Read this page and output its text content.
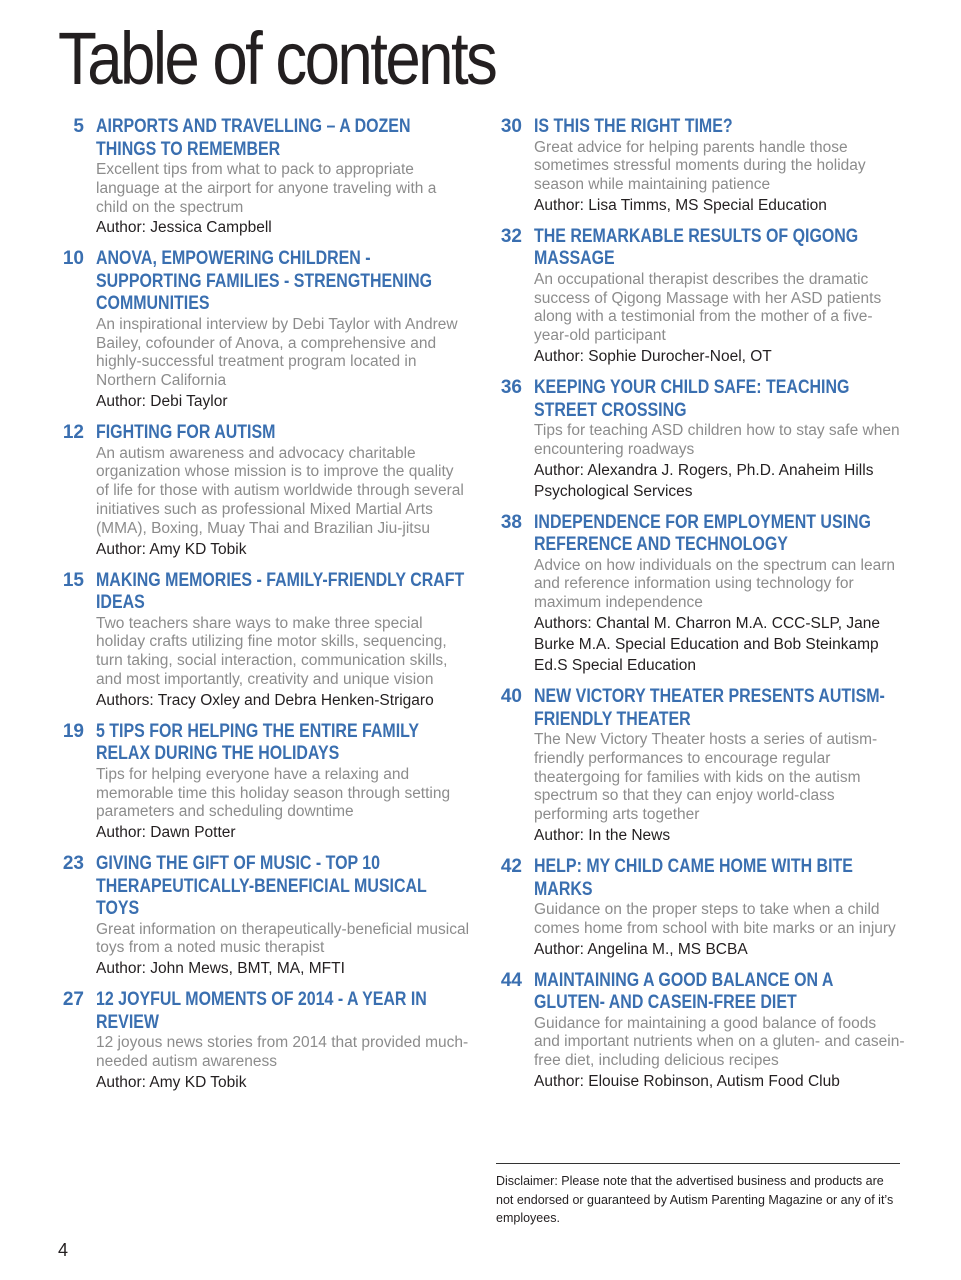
Table of contents
5 AIRPORTS AND TRAVELLING – A DOZEN THINGS TO REMEMBER
Excellent tips from what to pack to appropriate language at the airport for anyone traveling with a child on the spectrum
Author: Jessica Campbell
10 ANOVA, EMPOWERING CHILDREN - SUPPORTING FAMILIES - STRENGTHENING COMMUNITIES
An inspirational interview by Debi Taylor with Andrew Bailey, cofounder of Anova, a comprehensive and highly-successful treatment program located in Northern California
Author: Debi Taylor
12 FIGHTING FOR AUTISM
An autism awareness and advocacy charitable organization whose mission is to improve the quality of life for those with autism worldwide through several initiatives such as professional Mixed Martial Arts (MMA), Boxing, Muay Thai and Brazilian Jiu-jitsu
Author: Amy KD Tobik
15 MAKING MEMORIES - FAMILY-FRIENDLY CRAFT IDEAS
Two teachers share ways to make three special holiday crafts utilizing fine motor skills, sequencing, turn taking, social interaction, communication skills, and most importantly, creativity and unique vision
Authors: Tracy Oxley and Debra Henken-Strigaro
19 5 TIPS FOR HELPING THE ENTIRE FAMILY RELAX DURING THE HOLIDAYS
Tips for helping everyone have a relaxing and memorable time this holiday season through setting parameters and scheduling downtime
Author: Dawn Potter
23 GIVING THE GIFT OF MUSIC - TOP 10 THERAPEUTICALLY-BENEFICIAL MUSICAL TOYS
Great information on therapeutically-beneficial musical toys from a noted music therapist
Author: John Mews, BMT, MA, MFTI
27 12 JOYFUL MOMENTS OF 2014 - A YEAR IN REVIEW
12 joyous news stories from 2014 that provided much-needed autism awareness
Author: Amy KD Tobik
30 IS THIS THE RIGHT TIME?
Great advice for helping parents handle those sometimes stressful moments during the holiday season while maintaining patience
Author: Lisa Timms, MS Special Education
32 THE REMARKABLE RESULTS OF QIGONG MASSAGE
An occupational therapist describes the dramatic success of Qigong Massage with her ASD patients along with a testimonial from the mother of a five-year-old participant
Author: Sophie Durocher-Noel, OT
36 KEEPING YOUR CHILD SAFE: TEACHING STREET CROSSING
Tips for teaching ASD children how to stay safe when encountering roadways
Author: Alexandra J. Rogers, Ph.D. Anaheim Hills Psychological Services
38 INDEPENDENCE FOR EMPLOYMENT USING REFERENCE AND TECHNOLOGY
Advice on how individuals on the spectrum can learn and reference information using technology for maximum independence
Authors: Chantal M. Charron M.A. CCC-SLP, Jane Burke M.A. Special Education and Bob Steinkamp Ed.S Special Education
40 NEW VICTORY THEATER PRESENTS AUTISM-FRIENDLY THEATER
The New Victory Theater hosts a series of autism-friendly performances to encourage regular theatergoing for families with kids on the autism spectrum so that they can enjoy world-class performing arts together
Author: In the News
42 HELP: MY CHILD CAME HOME WITH BITE MARKS
Guidance on the proper steps to take when a child comes home from school with bite marks or an injury
Author: Angelina M., MS BCBA
44 MAINTAINING A GOOD BALANCE ON A GLUTEN- AND CASEIN-FREE DIET
Guidance for maintaining a good balance of foods and important nutrients when on a gluten- and casein-free diet, including delicious recipes
Author: Elouise Robinson, Autism Food Club
Disclaimer: Please note that the advertised business and products are not endorsed or guaranteed by Autism Parenting Magazine or any of it’s employees.
4
